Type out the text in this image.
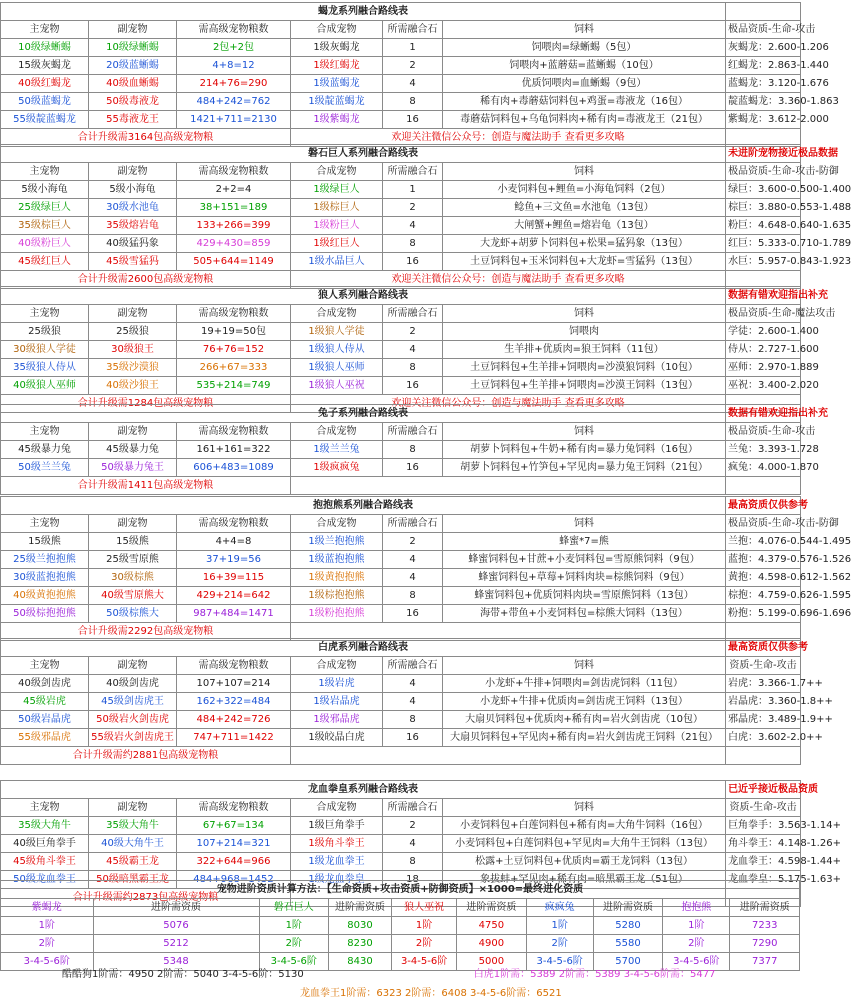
蝎龙系列融合路线表						
主宠物	副宠物	需高级宠物粮数	合成宠物	所需融合石	饲料	极品资质-生命-攻击
10级绿蜥蜴	10级绿蜥蜴	2包+2包	1级灰蝎龙	1	饲喂肉=绿蜥蜴（5包）	灰蝎龙：2.600-1.206
15级灰蝎龙	20级蓝蜥蜴	4+8=12	1级红蝎龙	2	饲喂肉+蓝蘑菇=蓝蜥蜴（10包）	红蝎龙：2.863-1.440
40级红蝎龙	40级血蜥蜴	214+76=290	1级蓝蝎龙	4	优质饲喂肉=血蜥蜴（9包）	蓝蝎龙：3.120-1.676
50级蓝蝎龙	50级毒液龙	484+242=762	1级靛蓝蝎龙	8	稀有肉+毒蘑菇饲料包+鸡蛋=毒液龙（16包）	靛蓝蝎龙：3.360-1.863
55级靛蓝蝎龙	55毒液龙王	1421+711=2130	1级紫蝎龙	16	毒蘑菇饲料包+乌龟饲料肉+稀有肉=毒液龙王（21包）	紫蝎龙：3.612-2.000
合计升级需3164包高级宠物粮			欢迎关注微信公众号：创造与魔法助手 查看更多攻略			
磐石巨人系列融合路线表						未进阶宠物接近极品数据
主宠物	副宠物	需高级宠物粮数	合成宠物	所需融合石	饲料	极品资质-生命-攻击-防御
5级小海龟	5级小海龟	2+2=4	1级绿巨人	1	小麦饲料包+鲤鱼=小海龟饲料（2包）	绿巨：3.600-0.500-1.400
25级绿巨人	30级水池龟	38+151=189	1级棕巨人	2	鲶鱼+三文鱼=水池龟（13包）	棕巨：3.880-0.553-1.488
35级棕巨人	35级熔岩龟	133+266=399	1级粉巨人	4	大闸蟹+鲤鱼=熔岩龟（13包）	粉巨：4.648-0.640-1.635
40级粉巨人	40级猛犸象	429+430=859	1级红巨人	8	大龙虾+胡萝卜饲料包+松果=猛犸象（13包）	红巨：5.333-0.710-1.789
45级红巨人	45级雪猛犸	505+644=1149	1级水晶巨人	16	土豆饲料包+玉米饲料包+大龙虾=雪猛犸（13包）	水巨：5.957-0.843-1.923
合计升级需2600包高级宠物粮			欢迎关注微信公众号：创造与魔法助手 查看更多攻略			
狼人系列融合路线表						数据有错欢迎指出补充
主宠物	副宠物	需高级宠物粮数	合成宠物	所需融合石	饲料	极品资质-生命-魔法攻击
25级狼	25级狼	19+19=50包	1级狼人学徒	2	饲喂肉	学徒：2.600-1.400
30级狼人学徒	30级狼王	76+76=152	1级狼人侍从	4	生羊排+优质肉=狼王饲料（11包）	侍从：2.727-1.600
35级狼人侍从	35级沙漠狼	266+67=333	1级狼人巫师	8	土豆饲料包+生羊排+饲喂肉=沙漠狼饲料（10包）	巫师：2.970-1.889
40级狼人巫师	40级沙狼王	535+214=749	1级狼人巫祝	16	土豆饲料包+生羊排+饲喂肉=沙漠王饲料（13包）	巫祝：3.400-2.020
合计升级需1284包高级宠物粮			欢迎关注微信公众号：创造与魔法助手 查看更多攻略			
兔子系列融合路线表						数据有错欢迎指出补充
主宠物	副宠物	需高级宠物粮数	合成宠物	所需融合石	饲料	极品资质-生命-攻击
45级暴力兔	45级暴力兔	161+161=322	1级兰兰兔	8	胡萝卜饲料包+牛奶+稀有肉=暴力兔饲料（16包）	兰兔：3.393-1.728
50级兰兰兔	50级暴力兔王	606+483=1089	1级疯疯兔	16	胡萝卜饲料包+竹笋包+罕见肉=暴力兔王饲料（21包）	疯兔：4.000-1.870
合计升级需1411包高级宠物粮						
抱抱熊系列融合路线表						最高资质仅供参考
主宠物	副宠物	需高级宠物粮数	合成宠物	所需融合石	饲料	极品资质-生命-攻击-防御
15级熊	15级熊	4+4=8	1级兰抱抱熊	2	蜂蜜*7=熊	兰抱：4.076-0.544-1.495
25级兰抱抱熊	25级雪原熊	37+19=56	1级蓝抱抱熊	4	蜂蜜饲料包+甘蔗+小麦饲料包=雪原熊饲料（9包）	蓝抱：4.379-0.576-1.526
30级蓝抱抱熊	30级棕熊	16+39=115	1级黄抱抱熊	4	蜂蜜饲料包+草莓+饲料肉块=棕熊饲料（9包）	黄抱：4.598-0.612-1.562
40级黄抱抱熊	40级雪原熊大	429+214=642	1级棕抱抱熊	8	蜂蜜饲料包+优质饲料肉块=雪原熊饲料（13包）	棕抱：4.759-0.626-1.595
50级棕抱抱熊	50级棕熊大	987+484=1471	1级粉抱抱熊	16	海带+带鱼+小麦饲料包=棕熊大饲料（13包）	粉抱：5.199-0.696-1.696
合计升级需2292包高级宠物粮						
白虎系列融合路线表						最高资质仅供参考
主宠物	副宠物	需高级宠物粮数	合成宠物	所需融合石	饲料	资质-生命-攻击
40级剑齿虎	40级剑齿虎	107+107=214	1级岩虎	4	小龙虾+牛排+饲喂肉=剑齿虎饲料（11包）	岩虎：3.366-1.7++
45级岩虎	45级剑齿虎王	162+322=484	1级岩晶虎	4	小龙虾+牛排+优质肉=剑齿虎王饲料（13包）	岩晶虎：3.360-1.8++
50级岩晶虎	50级岩火剑齿虎	484+242=726	1级邪晶虎	8	大扇贝饲料包+优质肉+稀有肉=岩火剑齿虎（10包）	邪晶虎：3.489-1.9++
55级邪晶虎	55级岩火剑齿虎王	747+711=1422	1级皎晶白虎	16	大扇贝饲料包+罕见肉+稀有肉=岩火剑齿虎王饲料（21包）	白虎：3.602-2.0++
合计升级需约2881包高级宠物粮						
龙血拳皇系列融合路线表						已近乎接近极品资质
主宠物	副宠物	需高级宠物粮数	合成宠物	所需融合石	饲料	资质-生命-攻击
35级大角牛	35级大角牛	67+67=134	1级巨角拳手	2	小麦饲料包+白莲饲料包+稀有肉=大角牛饲料（16包）	巨角拳手：3.563-1.14+
40级巨角拳手	40级大角牛王	107+214=321	1级角斗拳王	4	小麦饲料包+白莲饲料包+罕见肉=大角牛王饲料（13包）	角斗拳王：4.148-1.26+
45级角斗拳王	45级霸王龙	322+644=966	1级龙血拳王	8	松露+土豆饲料包+优质肉=霸王龙饲料（13包）	龙血拳王：4.598-1.44+
50级龙血拳王	50级暗黑霸王龙	484+968=1452	1级龙血拳皇	18	象拔蚌+罕见肉+稀有肉=暗黑霸王龙（51包）	龙血拳皇：5.175-1.63+
合计升级需约2873包高级宠物粮						
宠物进阶资质计算方法：【生命资质+攻击资质+防御资质】×1000=最终进化资质									
紫蝎龙	进阶需资质	磐石巨人	进阶需资质	狼人巫祝	进阶需资质	疯疯兔	进阶需资质	抱抱熊	进阶需资质
1阶	5076	1阶	8030	1阶	4750	1阶	5280	1阶	7233
2阶	5212	2阶	8230	2阶	4900	2阶	5580	2阶	7290
3-4-5-6阶	5348	3-4-5-6阶	8430	3-4-5-6阶	5000	3-4-5-6阶	5700	3-4-5-6阶	7377
酷酷狗1阶需：4950 2阶需：5040 3-4-5-6阶：5130	白虎1阶需：5389 2阶需：5389 3-4-5-6阶需：5477
龙血拳王1阶需：6323 2阶需：6408 3-4-5-6阶需：6521
